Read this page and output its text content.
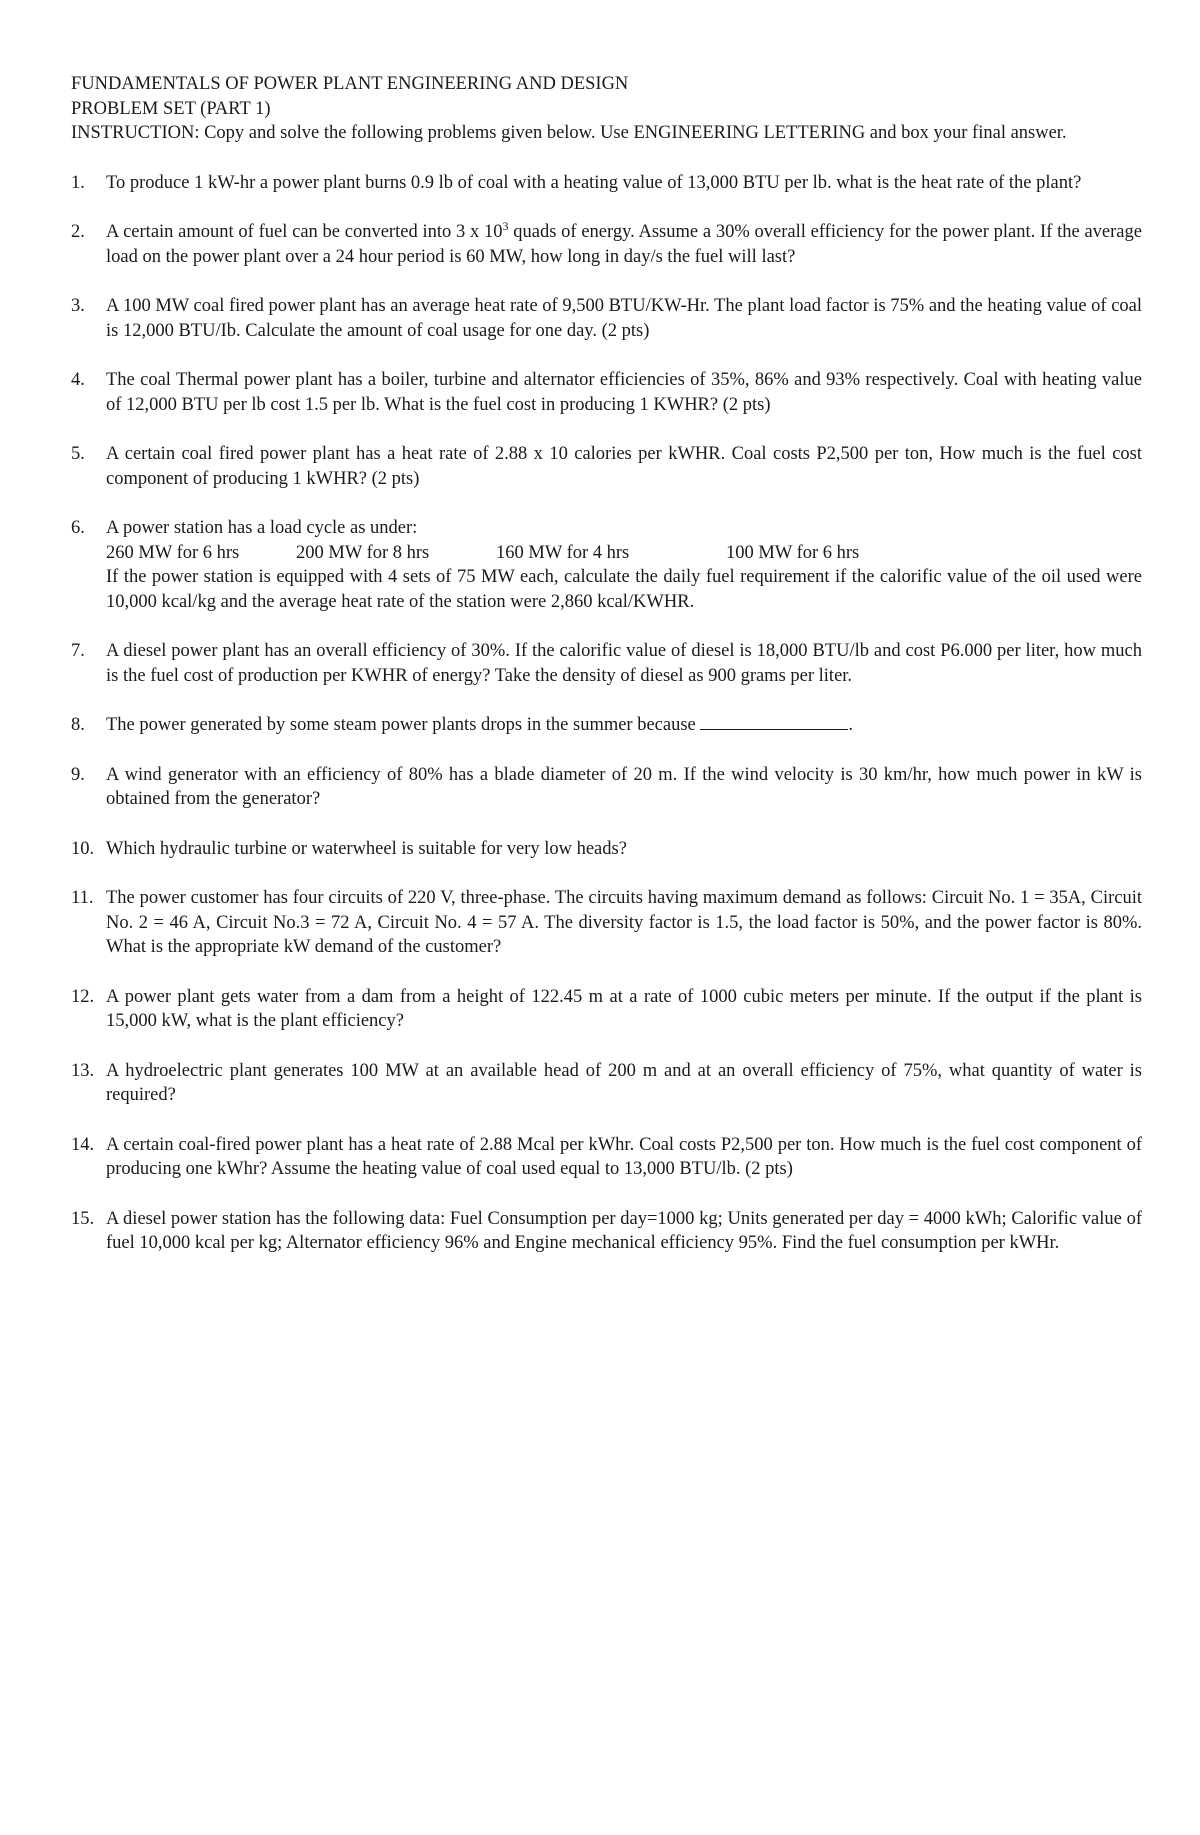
FUNDAMENTALS OF POWER PLANT ENGINEERING AND DESIGN

PROBLEM SET (PART 1)

INSTRUCTION: Copy and solve the following problems given below. Use ENGINEERING LETTERING and box your final answer.

1. To produce 1 kW-hr a power plant burns 0.9 lb of coal with a heating value of 13,000 BTU per lb. what is the heat rate of the plant?
2. A certain amount of fuel can be converted into 3 x $10^3$ quads of energy. Assume a 30% overall efficiency for the power plant. If the average load on the power plant over a 24 hour period is 60 MW, how long in day/s the fuel will last?
3. A 100 MW coal fired power plant has an average heat rate of 9,500 BTU/KW-Hr. The plant load factor is 75% and the heating value of coal is 12,000 BTU/Ib. Calculate the amount of coal usage for one day. (2 pts)
4. The coal Thermal power plant has a boiler, turbine and alternator efficiencies of 35%, 86% and 93% respectively. Coal with heating value of 12,000 BTU per lb cost 1.5 per lb. What is the fuel cost in producing 1 KWHR? (2 pts)
5. A certain coal fired power plant has a heat rate of 2.88 x 10 calories per kWHR. Coal costs P2,500 per ton, How much is the fuel cost component of producing 1 kWHR? (2 pts)
6. A power station has a load cycle as under:
260 MW for 6 hrs	200 MW for 8 hrs	160 MW for 4 hrs	100 MW for 6 hrs
If the power station is equipped with 4 sets of 75 MW each, calculate the daily fuel requirement if the calorific value of the oil used were 10,000 kcal/kg and the average heat rate of the station were 2,860 kcal/KWHR.
7. A diesel power plant has an overall efficiency of 30%. If the calorific value of diesel is 18,000 BTU/lb and cost P6.000 per liter, how much is the fuel cost of production per KWHR of energy? Take the density of diesel as 900 grams per liter.
8. The power generated by some steam power plants drops in the summer because	.
9. A wind generator with an efficiency of 80% has a blade diameter of 20 m. If the wind velocity is 30 km/hr, how much power in kW is obtained from the generator?
10. Which hydraulic turbine or waterwheel is suitable for very low heads?
11. The power customer has four circuits of 220 V, three-phase. The circuits having maximum demand as follows: Circuit No. 1 = 35A, Circuit No. 2 = 46 A, Circuit No.3 = 72 A, Circuit No. 4 = 57 A. The diversity factor is 1.5, the load factor is 50%, and the power factor is 80%. What is the appropriate kW demand of the customer?
12. A power plant gets water from a dam from a height of 122.45 m at a rate of 1000 cubic meters per minute. If the output if the plant is 15,000 kW, what is the plant efficiency?
13. A hydroelectric plant generates 100 MW at an available head of 200 m and at an overall efficiency of 75%, what quantity of water is required?
14. A certain coal-fired power plant has a heat rate of 2.88 Mcal per kWhr. Coal costs P2,500 per ton. How much is the fuel cost component of producing one kWhr? Assume the heating value of coal used equal to 13,000 BTU/lb. (2 pts)
15. A diesel power station has the following data: Fuel Consumption per day=1000 kg; Units generated per day = 4000 kWh; Calorific value of fuel 10,000 kcal per kg; Alternator efficiency 96% and Engine mechanical efficiency 95%. Find the fuel consumption per kWHr.
